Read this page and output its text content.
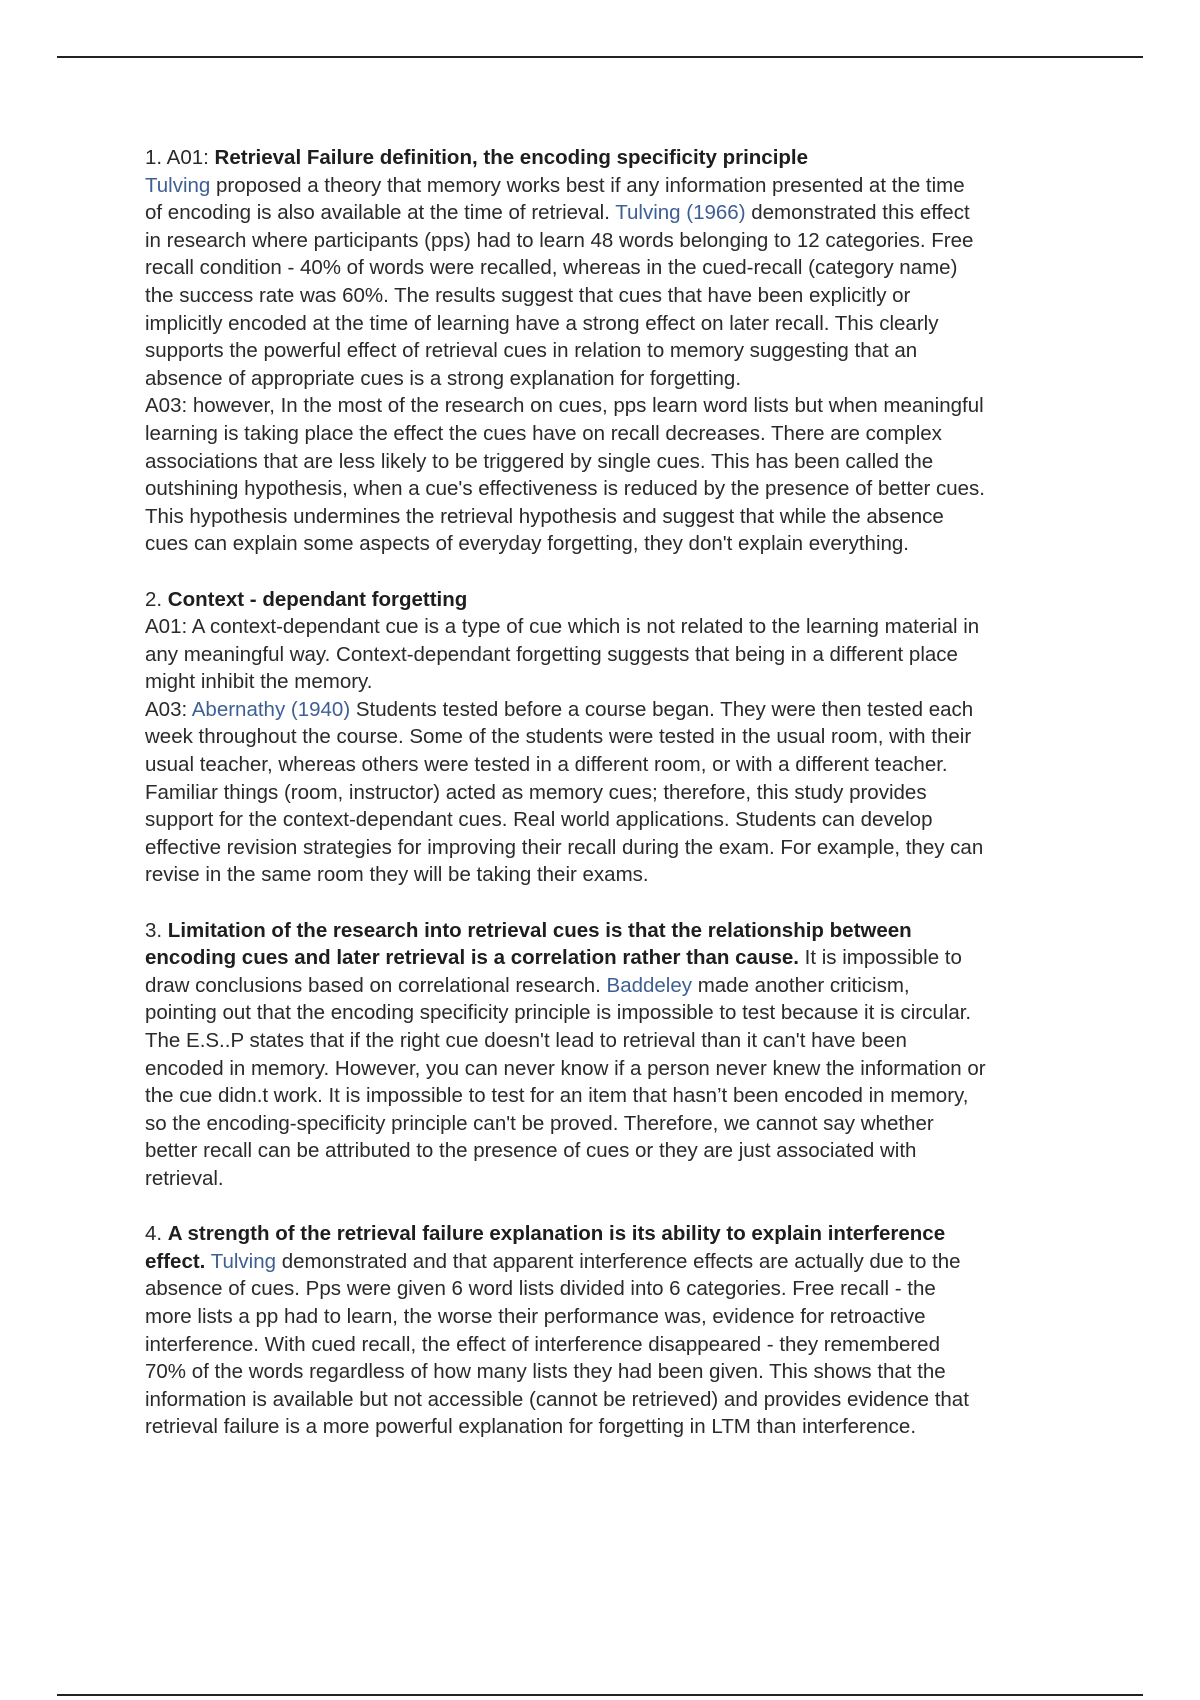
1. A01: Retrieval Failure definition, the encoding specificity principle
Tulving proposed a theory that memory works best if any information presented at the time
of encoding is also available at the time of retrieval. Tulving (1966) demonstrated this effect
in research where participants (pps) had to learn 48 words belonging to 12 categories. Free
recall condition - 40% of words were recalled, whereas in the cued-recall (category name)
the success rate was 60%. The results suggest that cues that have been explicitly or
implicitly encoded at the time of learning have a strong effect on later recall. This clearly
supports the powerful effect of retrieval cues in relation to memory suggesting that an
absence of appropriate cues is a strong explanation for forgetting.
A03: however, In the most of the research on cues, pps learn word lists but when meaningful
learning is taking place the effect the cues have on recall decreases. There are complex
associations that are less likely to be triggered by single cues. This has been called the
outshining hypothesis, when a cue's effectiveness is reduced by the presence of better cues.
This hypothesis undermines the retrieval hypothesis and suggest that while the absence
cues can explain some aspects of everyday forgetting, they don't explain everything.
2. Context - dependant forgetting
A01: A context-dependant cue is a type of cue which is not related to the learning material in
any meaningful way. Context-dependant forgetting suggests that being in a different place
might inhibit the memory.
A03: Abernathy (1940) Students tested before a course began. They were then tested each
week throughout the course. Some of the students were tested in the usual room, with their
usual teacher, whereas others were tested in a different room, or with a different teacher.
Familiar things (room, instructor) acted as memory cues; therefore, this study provides
support for the context-dependant cues. Real world applications. Students can develop
effective revision strategies for improving their recall during the exam. For example, they can
revise in the same room they will be taking their exams.
3. Limitation of the research into retrieval cues is that the relationship between
encoding cues and later retrieval is a correlation rather than cause. It is impossible to
draw conclusions based on correlational research. Baddeley made another criticism,
pointing out that the encoding specificity principle is impossible to test because it is circular.
The E.S..P states that if the right cue doesn't lead to retrieval than it can't have been
encoded in memory. However, you can never know if a person never knew the information or
the cue didn.t work. It is impossible to test for an item that hasn’t been encoded in memory,
so the encoding-specificity principle can't be proved. Therefore, we cannot say whether
better recall can be attributed to the presence of cues or they are just associated with
retrieval.
4. A strength of the retrieval failure explanation is its ability to explain interference
effect. Tulving demonstrated and that apparent interference effects are actually due to the
absence of cues. Pps were given 6 word lists divided into 6 categories. Free recall - the
more lists a pp had to learn, the worse their performance was, evidence for retroactive
interference. With cued recall, the effect of interference disappeared - they remembered
70% of the words regardless of how many lists they had been given. This shows that the
information is available but not accessible (cannot be retrieved) and provides evidence that
retrieval failure is a more powerful explanation for forgetting in LTM than interference.
